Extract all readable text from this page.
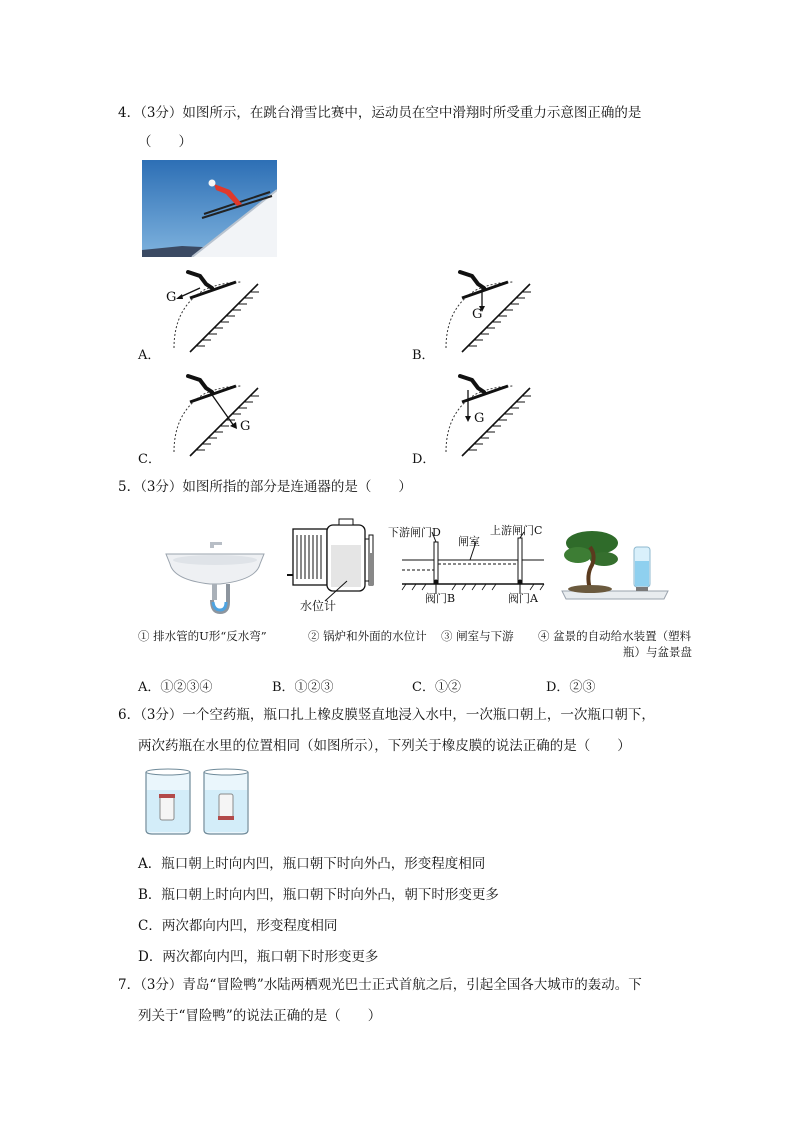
4．（3分）如图所示，在跳台滑雪比赛中，运动员在空中滑翔时所受重力示意图正确的是
（　　）
G
A．
G
B．
G
C．
G
D．
5．（3分）如图所指的部分是连通器的是（　　）
水位计
下游闸门D	上游闸门C
闸室
阀门B	阀门A
① 排水管的U形“反水弯”	② 锅炉和外面的水位计 ③ 闸室与下游 ④ 盆景的自动给水装置（塑料
瓶）与盆景盘
A．①②③④	B．①②③	C．①②	D．②③
6．（3分）一个空药瓶，瓶口扎上橡皮膜竖直地浸入水中，一次瓶口朝上，一次瓶口朝下，
两次药瓶在水里的位置相同（如图所示），下列关于橡皮膜的说法正确的是（　　）
A．瓶口朝上时向内凹，瓶口朝下时向外凸，形变程度相同
B．瓶口朝上时向内凹，瓶口朝下时向外凸，朝下时形变更多
C．两次都向内凹，形变程度相同
D．两次都向内凹，瓶口朝下时形变更多
7．（3分）青岛“冒险鸭”水陆两栖观光巴士正式首航之后，引起全国各大城市的轰动。下
列关于“冒险鸭”的说法正确的是（　　）
